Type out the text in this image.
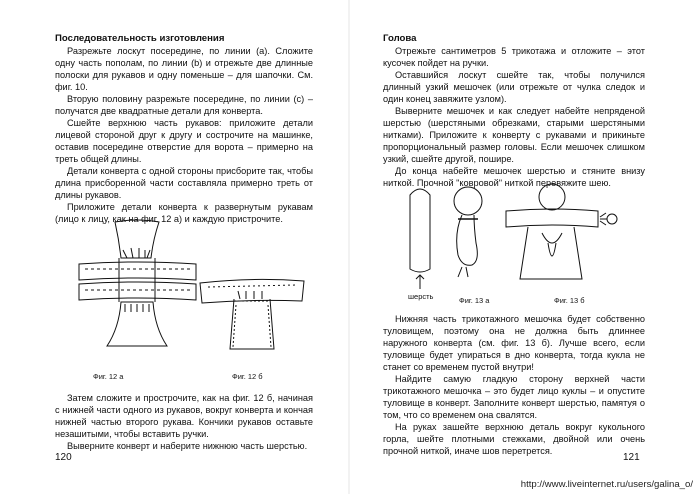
Последовательность изготовления

Разрежьте лоскут посередине, по линии (а). Сложите одну часть пополам, по линии (b) и отрежьте две длинные полоски для рукавов и одну поменьше – для шапочки. См. фиг. 10.

Вторую половину разрежьте посередине, по линии (c) – получатся две квадратные детали для конверта.

Сшейте верхнюю часть рукавов: приложите детали лицевой стороной друг к другу и сострочите на машинке, оставив посередине отверстие для ворота – примерно на треть общей длины.

Детали конверта с одной стороны присборите так, чтобы длина присборенной части составляла примерно треть от длины рукавов.

Приложите детали конверта к развернутым рукавам (лицо к лицу, как на фиг. 12 а) и каждую пристрочите.

Фиг. 12 а	Фиг. 12 б

Затем сложите и прострочите, как на фиг. 12 б, начиная с нижней части одного из рукавов, вокруг конверта и кончая нижней частью второго рукава. Кончики рукавов оставьте незашитыми, чтобы вставить ручки.

Выверните конверт и наберите нижнюю часть шерстью.

120
Голова

Отрежьте сантиметров 5 трикотажа и отложите – этот кусочек пойдет на ручки.

Оставшийся лоскут сшейте так, чтобы получился длинный узкий мешочек (или отрежьте от чулка следок и один конец завяжите узлом).

Выверните мешочек и как следует набейте непряденой шерстью (шерстяными обрезками, старыми шерстяными нитками). Приложите к конверту с рукавами и прикиньте пропорциональный размер головы. Если мешочек слишком узкий, сшейте другой, пошире.

До конца набейте мешочек шерстью и стяните внизу ниткой. Прочной "ковровой" ниткой перевяжите шею.

шерсть	Фиг. 13 а	Фиг. 13 б

Нижняя часть трикотажного мешочка будет собственно туловищем, поэтому она не должна быть длиннее наружного конверта (см. фиг. 13 б). Лучше всего, если туловище будет упираться в дно конверта, тогда кукла не станет со временем пустой внутри!

Найдите самую гладкую сторону верхней части трикотажного мешочка – это будет лицо куклы – и опустите туловище в конверт. Заполните конверт шерстью, памятуя о том, что со временем она свалятся.

На руках зашейте верхнюю деталь вокруг кукольного горла, шейте плотными стежками, двойной или очень прочной ниткой, иначе шов перетрется.

121
http://www.liveinternet.ru/users/galina_o/
